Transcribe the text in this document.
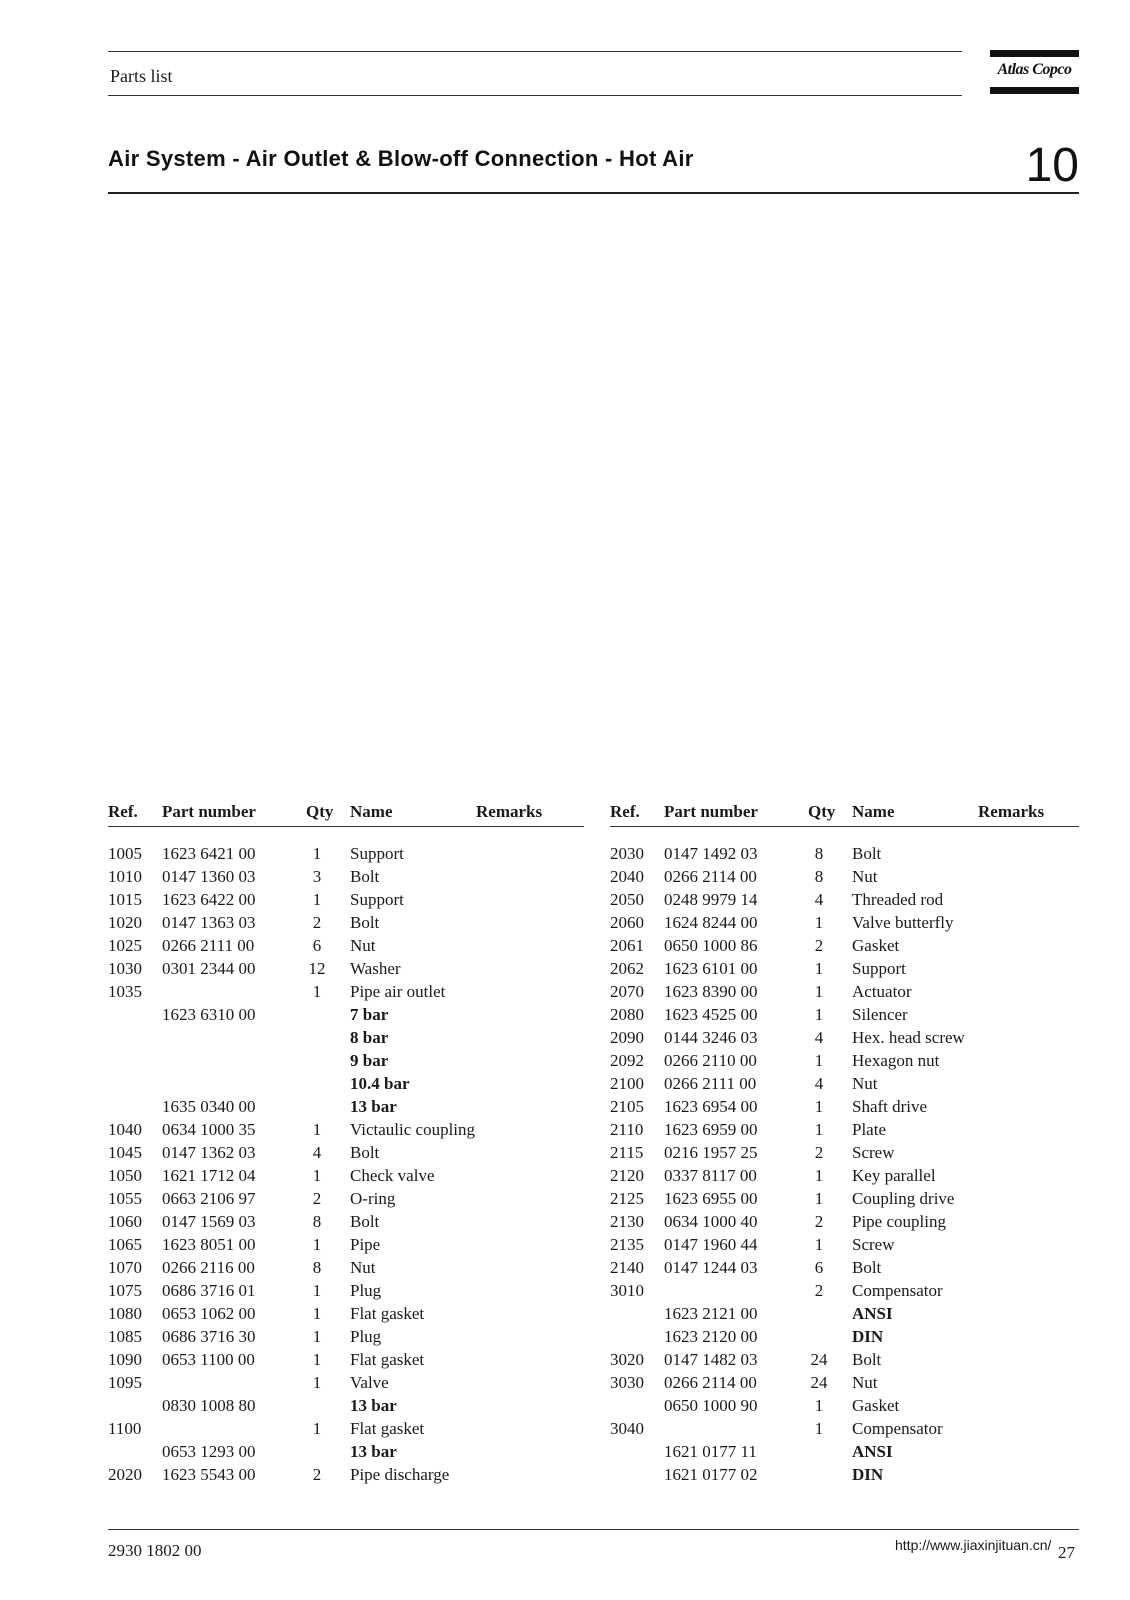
Parts list	Atlas Copco
Air System - Air Outlet & Blow-off Connection - Hot Air	10
Ref. Part number	Qty Name	Remarks
1005 1623 6421 00	1	Support
1010 0147 1360 03	3	Bolt
1015 1623 6422 00	1	Support
1020 0147 1363 03	2	Bolt
1025 0266 2111 00	6	Nut
1030 0301 2344 00	12 Washer
1035	1	Pipe air outlet
1623 6310 00	7 bar
8 bar
9 bar
10.4 bar
1635 0340 00	13 bar
1040 0634 1000 35	1	Victaulic coupling
1045 0147 1362 03	4	Bolt
1050 1621 1712 04	1	Check valve
1055 0663 2106 97	2	O-ring
1060 0147 1569 03	8	Bolt
1065 1623 8051 00	1	Pipe
1070 0266 2116 00	8	Nut
1075 0686 3716 01	1	Plug
1080 0653 1062 00	1	Flat gasket
1085 0686 3716 30	1	Plug
1090 0653 1100 00	1	Flat gasket
1095	1	Valve
0830 1008 80	13 bar
1100	1	Flat gasket
0653 1293 00	13 bar
2020 1623 5543 00	2	Pipe discharge
Ref. Part number	Qty Name	Remarks
2030 0147 1492 03	8	Bolt
2040 0266 2114 00	8	Nut
2050 0248 9979 14	4	Threaded rod
2060 1624 8244 00	1	Valve butterfly
2061 0650 1000 86	2	Gasket
2062 1623 6101 00	1	Support
2070 1623 8390 00	1	Actuator
2080 1623 4525 00	1	Silencer
2090 0144 3246 03	4	Hex. head screw
2092 0266 2110 00	1	Hexagon nut
2100 0266 2111 00	4	Nut
2105 1623 6954 00	1	Shaft drive
2110 1623 6959 00	1	Plate
2115 0216 1957 25	2	Screw
2120 0337 8117 00	1	Key parallel
2125 1623 6955 00	1	Coupling drive
2130 0634 1000 40	2	Pipe coupling
2135 0147 1960 44	1	Screw
2140 0147 1244 03	6	Bolt
3010	2	Compensator
1623 2121 00	ANSI
1623 2120 00	DIN
3020 0147 1482 03	24 Bolt
3030 0266 2114 00	24 Nut
0650 1000 90	1	Gasket
3040	1	Compensator
1621 0177 11	ANSI
1621 0177 02	DIN
2930 1802 00	http://www.jiaxinjituan.cn/ 27
